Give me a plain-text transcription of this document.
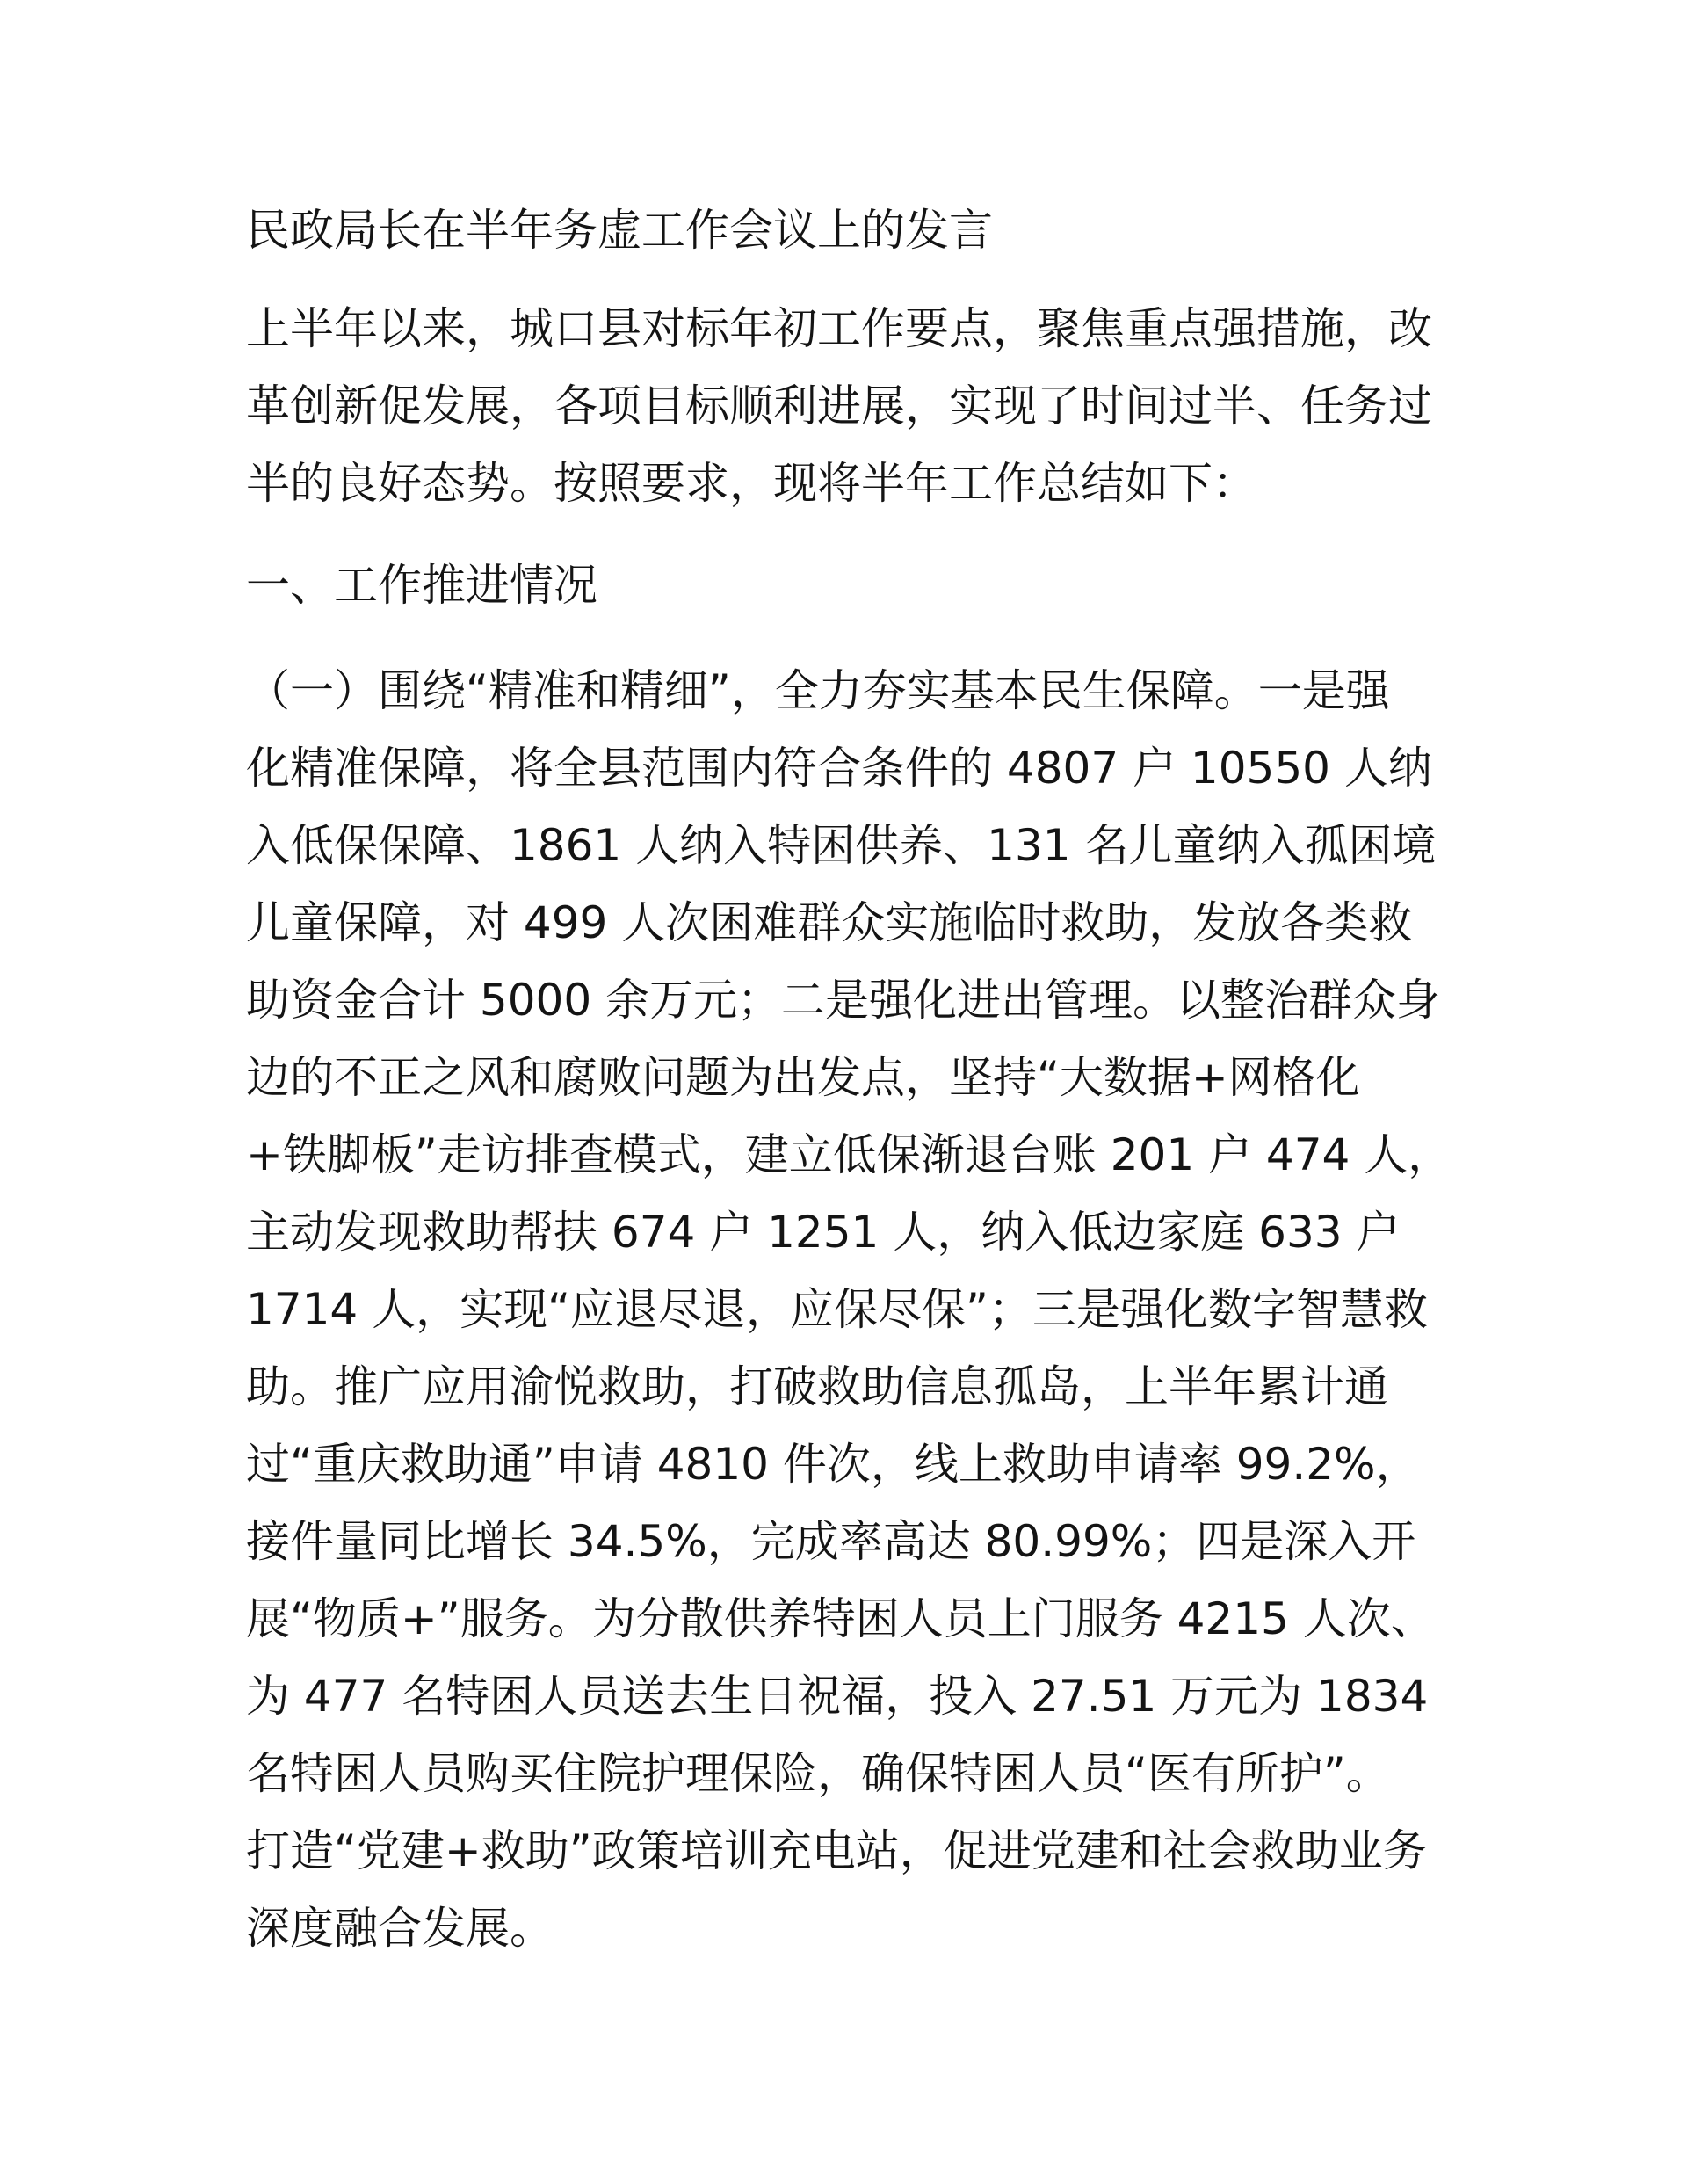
民政局长在半年务虚工作会议上的发言
上半年以来，城口县对标年初工作要点，聚焦重点强措施，改
革创新促发展，各项目标顺利进展，实现了时间过半、任务过
半的良好态势。按照要求，现将半年工作总结如下：
一、工作推进情况
（一）围绕“精准和精细”，全力夯实基本民生保障。一是强
化精准保障，将全县范围内符合条件的 4807 户 10550 人纳
入低保保障、1861 人纳入特困供养、131 名儿童纳入孤困境
儿童保障，对 499 人次困难群众实施临时救助，发放各类救
助资金合计 5000 余万元；二是强化进出管理。以整治群众身
边的不正之风和腐败问题为出发点，坚持“大数据+网格化
+铁脚板”走访排查模式，建立低保渐退台账 201 户 474 人，
主动发现救助帮扶 674 户 1251 人，纳入低边家庭 633 户
1714 人，实现“应退尽退，应保尽保”；三是强化数字智慧救
助。推广应用渝悦救助，打破救助信息孤岛，上半年累计通
过“重庆救助通”申请 4810 件次，线上救助申请率 99.2%，
接件量同比增长 34.5%，完成率高达 80.99%；四是深入开
展“物质+”服务。为分散供养特困人员上门服务 4215 人次、
为 477 名特困人员送去生日祝福，投入 27.51 万元为 1834
名特困人员购买住院护理保险，确保特困人员“医有所护”。
打造“党建+救助”政策培训充电站，促进党建和社会救助业务
深度融合发展。
